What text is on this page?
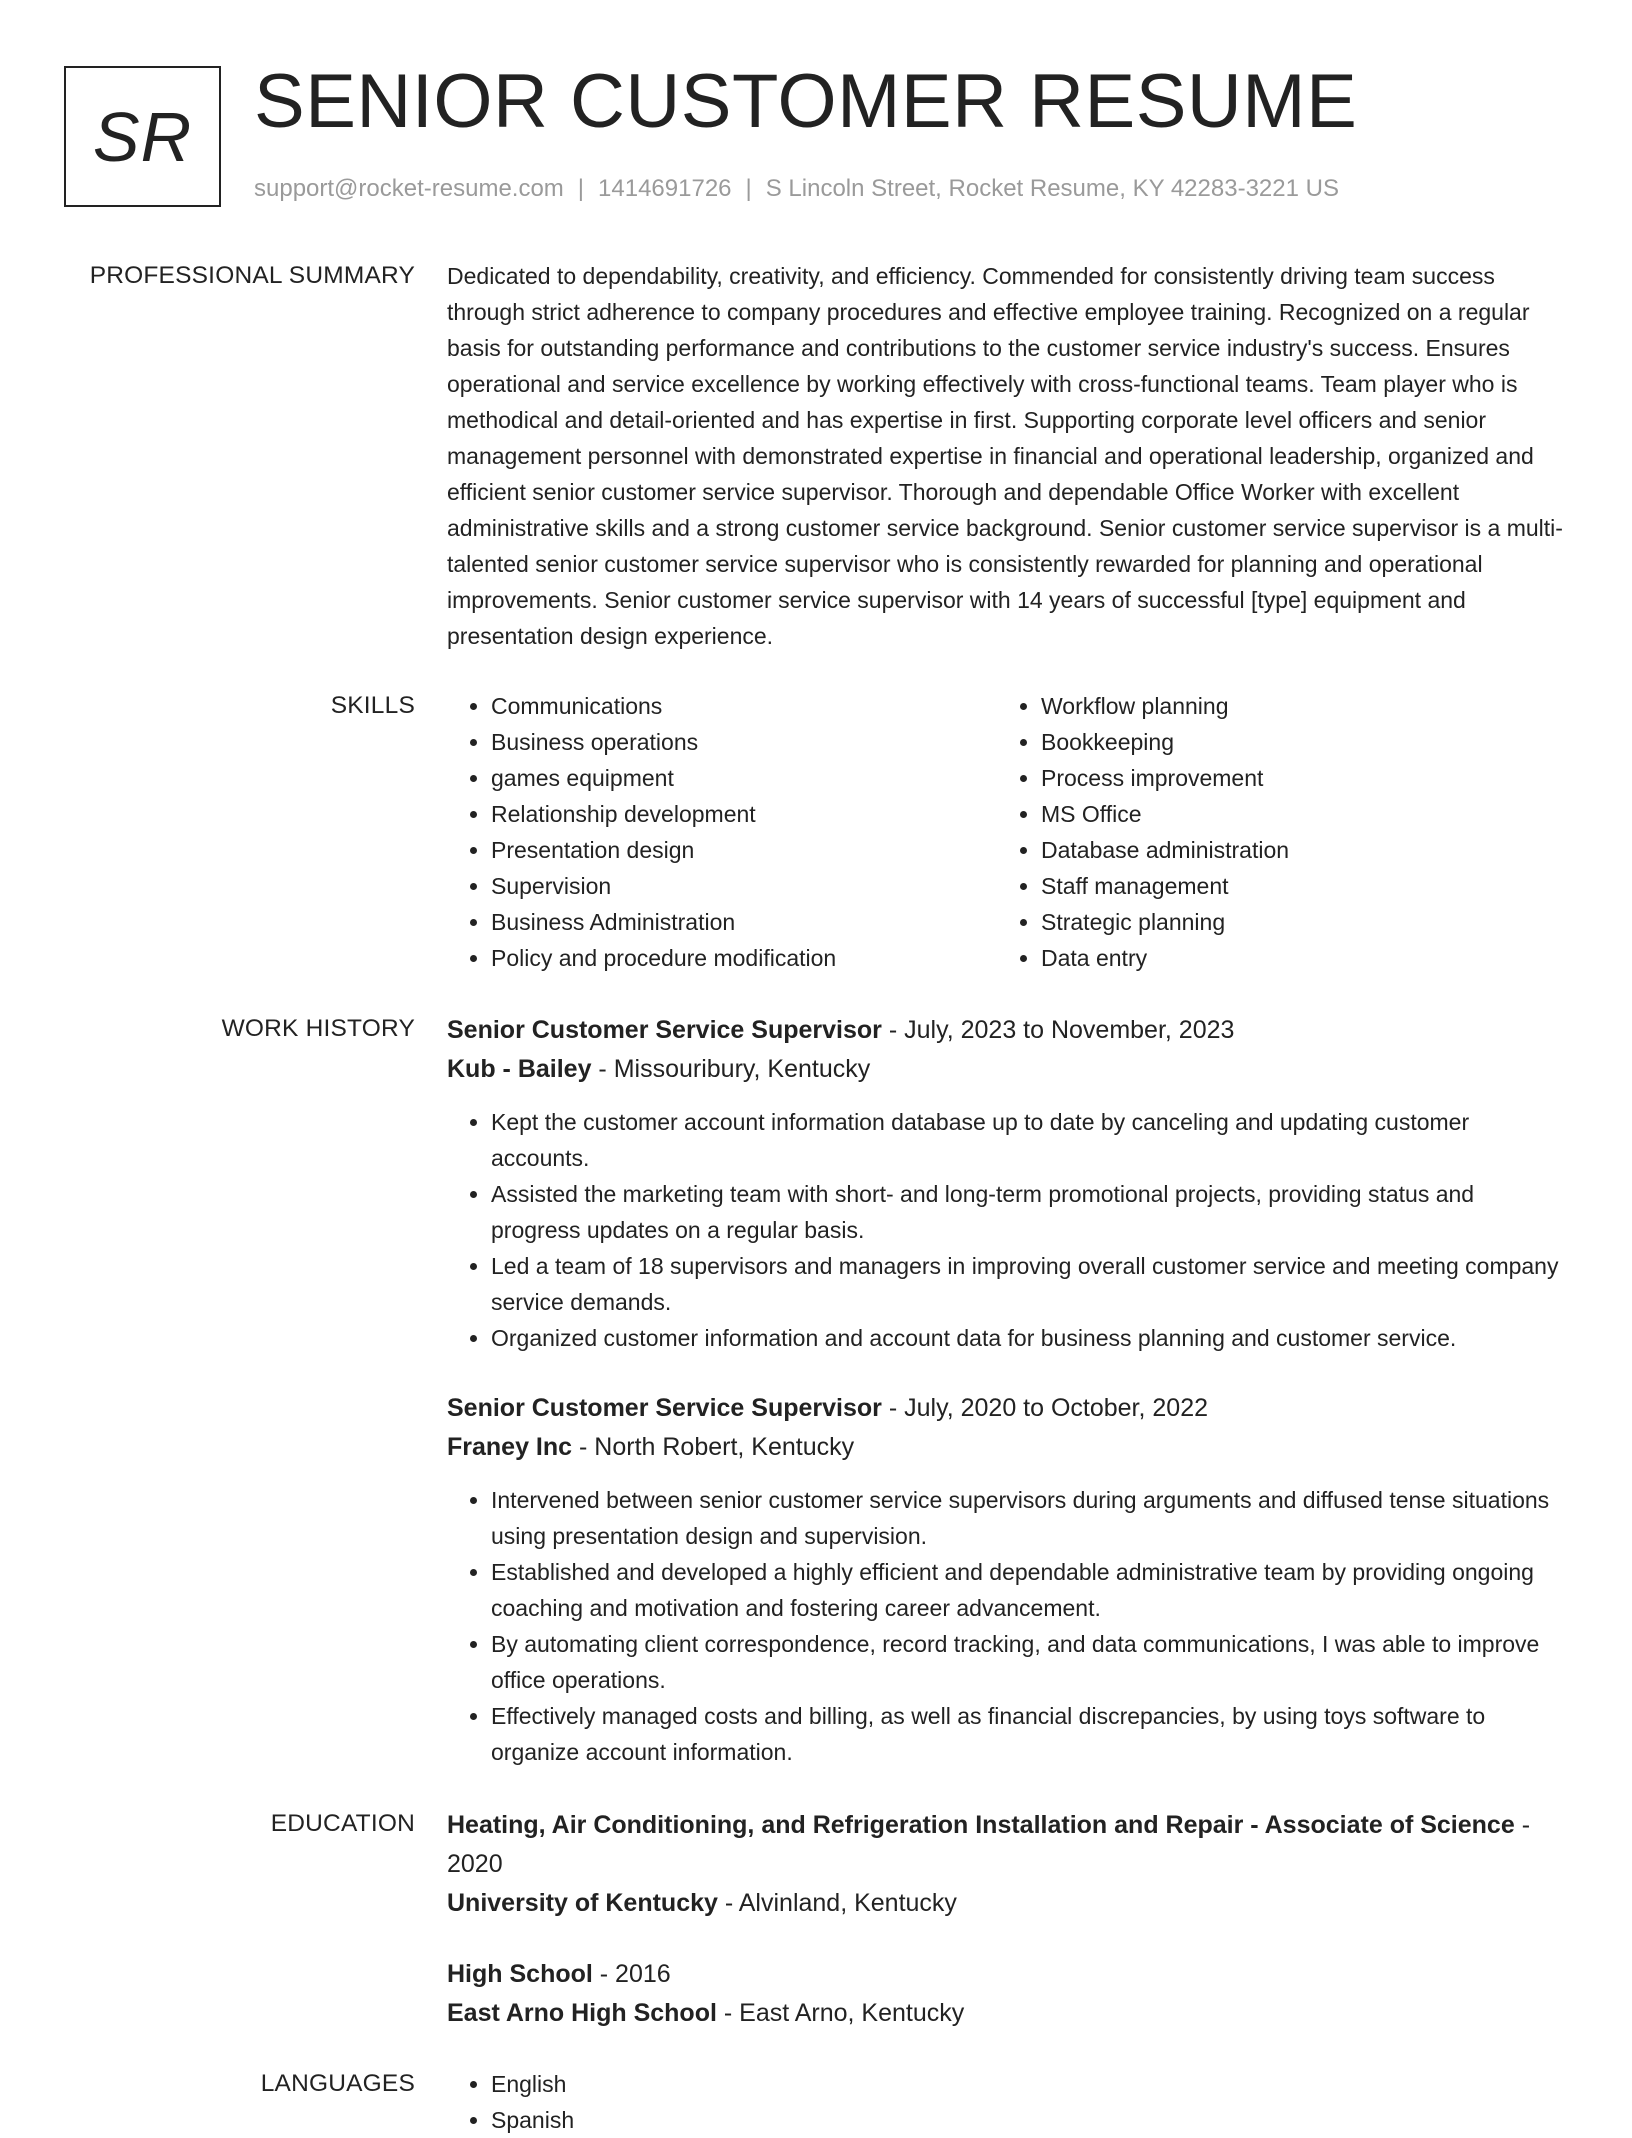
SR SENIOR CUSTOMER RESUME
support@rocket-resume.com | 1414691726 | S Lincoln Street, Rocket Resume, KY 42283-3221 US
PROFESSIONAL SUMMARY Dedicated to dependability, creativity, and efficiency. Commended for consistently driving team success through strict adherence to company procedures and effective employee training. Recognized on a regular basis for outstanding performance and contributions to the customer service industry's success. Ensures operational and service excellence by working effectively with cross-functional teams. Team player who is methodical and detail-oriented and has expertise in first. Supporting corporate level officers and senior management personnel with demonstrated expertise in financial and operational leadership, organized and efficient senior customer service supervisor. Thorough and dependable Office Worker with excellent administrative skills and a strong customer service background. Senior customer service supervisor is a multi-talented senior customer service supervisor who is consistently rewarded for planning and operational improvements. Senior customer service supervisor with 14 years of successful [type] equipment and presentation design experience.

SKILLS	• Communications
• Business operations
• games equipment
• Relationship development
• Presentation design
• Supervision
• Business Administration
• Policy and procedure modification
• Workflow planning
• Bookkeeping
• Process improvement
• MS Office
• Database administration
• Staff management
• Strategic planning
• Data entry
WORK HISTORY Senior Customer Service Supervisor - July, 2023 to November, 2023
Kub - Bailey - Missouribury, Kentucky
• Kept the customer account information database up to date by canceling and updating customer accounts.
• Assisted the marketing team with short- and long-term promotional projects, providing status and progress updates on a regular basis.
• Led a team of 18 supervisors and managers in improving overall customer service and meeting company service demands.
• Organized customer information and account data for business planning and customer service.
Senior Customer Service Supervisor - July, 2020 to October, 2022
Franey Inc - North Robert, Kentucky
• Intervened between senior customer service supervisors during arguments and diffused tense situations using presentation design and supervision.
• Established and developed a highly efficient and dependable administrative team by providing ongoing coaching and motivation and fostering career advancement.
• By automating client correspondence, record tracking, and data communications, I was able to improve office operations.
• Effectively managed costs and billing, as well as financial discrepancies, by using toys software to organize account information.
EDUCATION Heating, Air Conditioning, and Refrigeration Installation and Repair - Associate of Science - 2020
University of Kentucky - Alvinland, Kentucky
High School - 2016
East Arno High School - East Arno, Kentucky
LANGUAGES	• English
• Spanish
